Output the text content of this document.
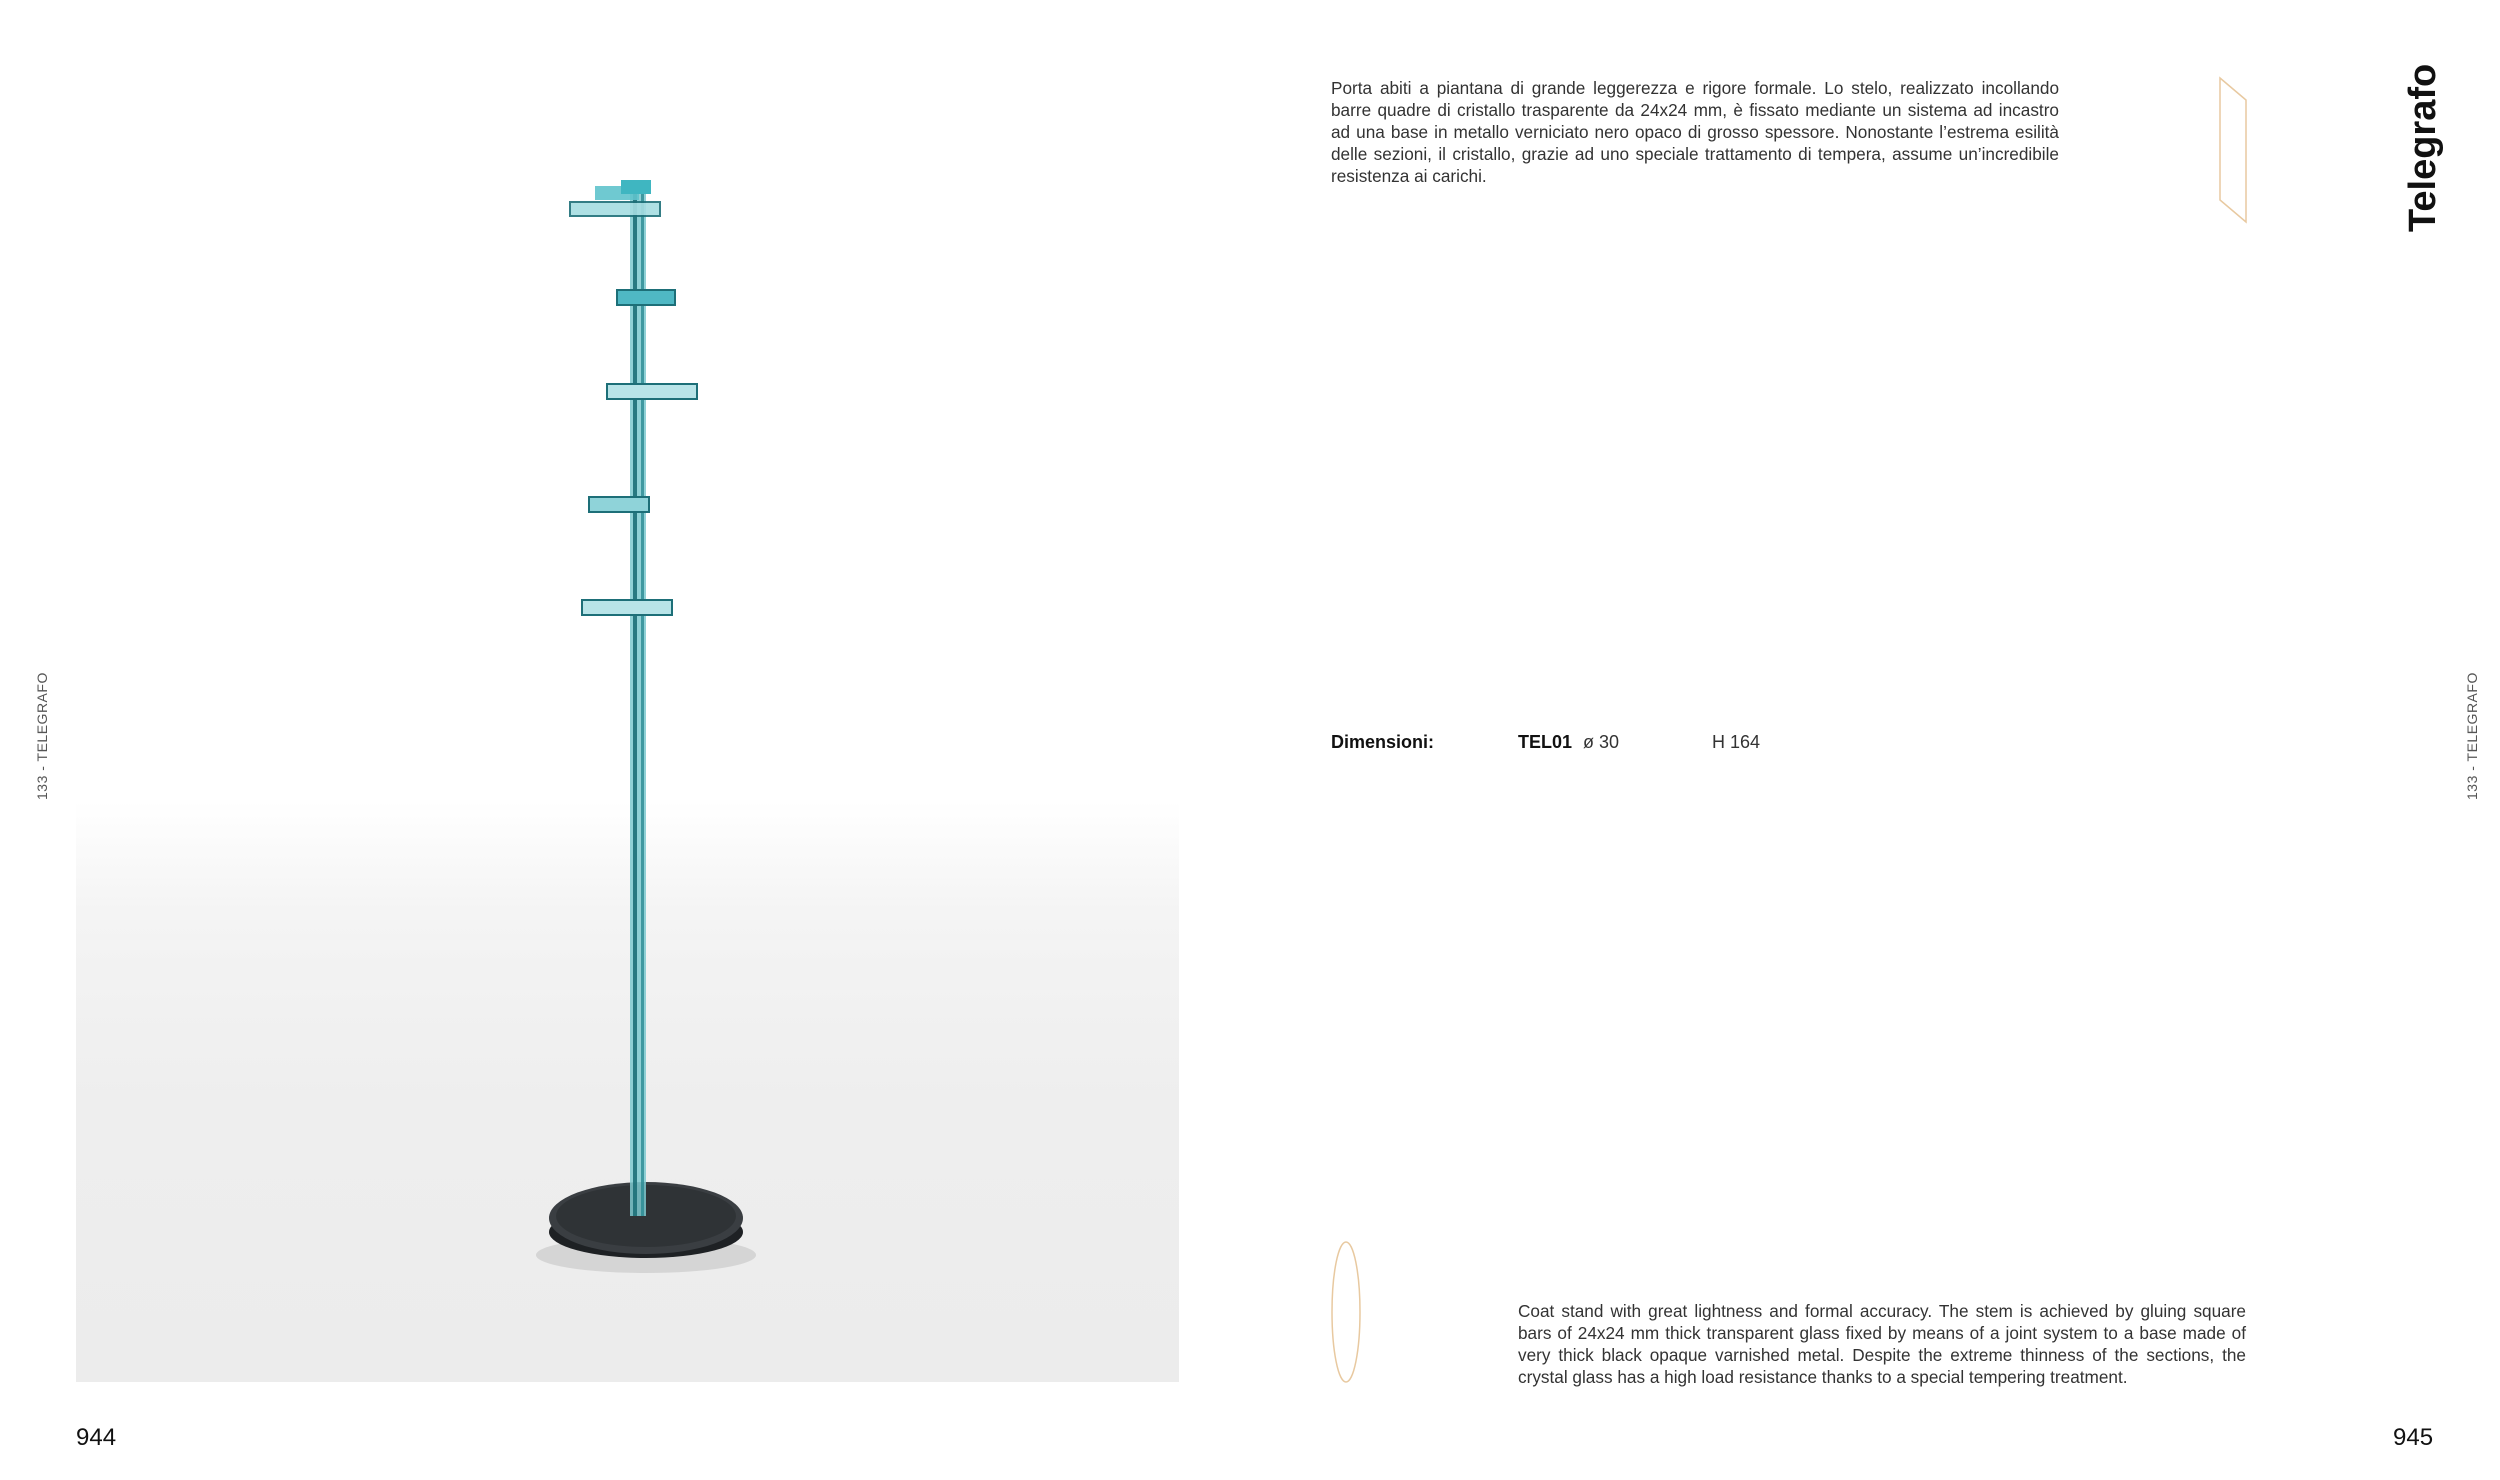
133 - TELEGRAFO
944
Porta abiti a piantana di grande leggerezza e rigore formale. Lo stelo, realizzato incollando barre quadre di cristallo trasparente da 24x24 mm, è fissato mediante un sistema ad incastro ad una base in metallo verniciato nero opaco di grosso spessore. Nonostante l’estrema esilità delle sezioni, il cristallo, grazie ad uno speciale trattamento di tempera, assume un’incredibile resistenza ai carichi.
Dimensioni:	TEL01 ø 30	H 164
Coat stand with great lightness and formal accuracy. The stem is achieved by gluing square bars of 24x24 mm thick transparent glass fixed by means of a joint system to a base made of very thick black opaque varnished metal. Despite the extreme thinness of the sections, the crystal glass has a high load resistance thanks to a special tempering treatment.
Telegrafo
133 - TELEGRAFO
945
